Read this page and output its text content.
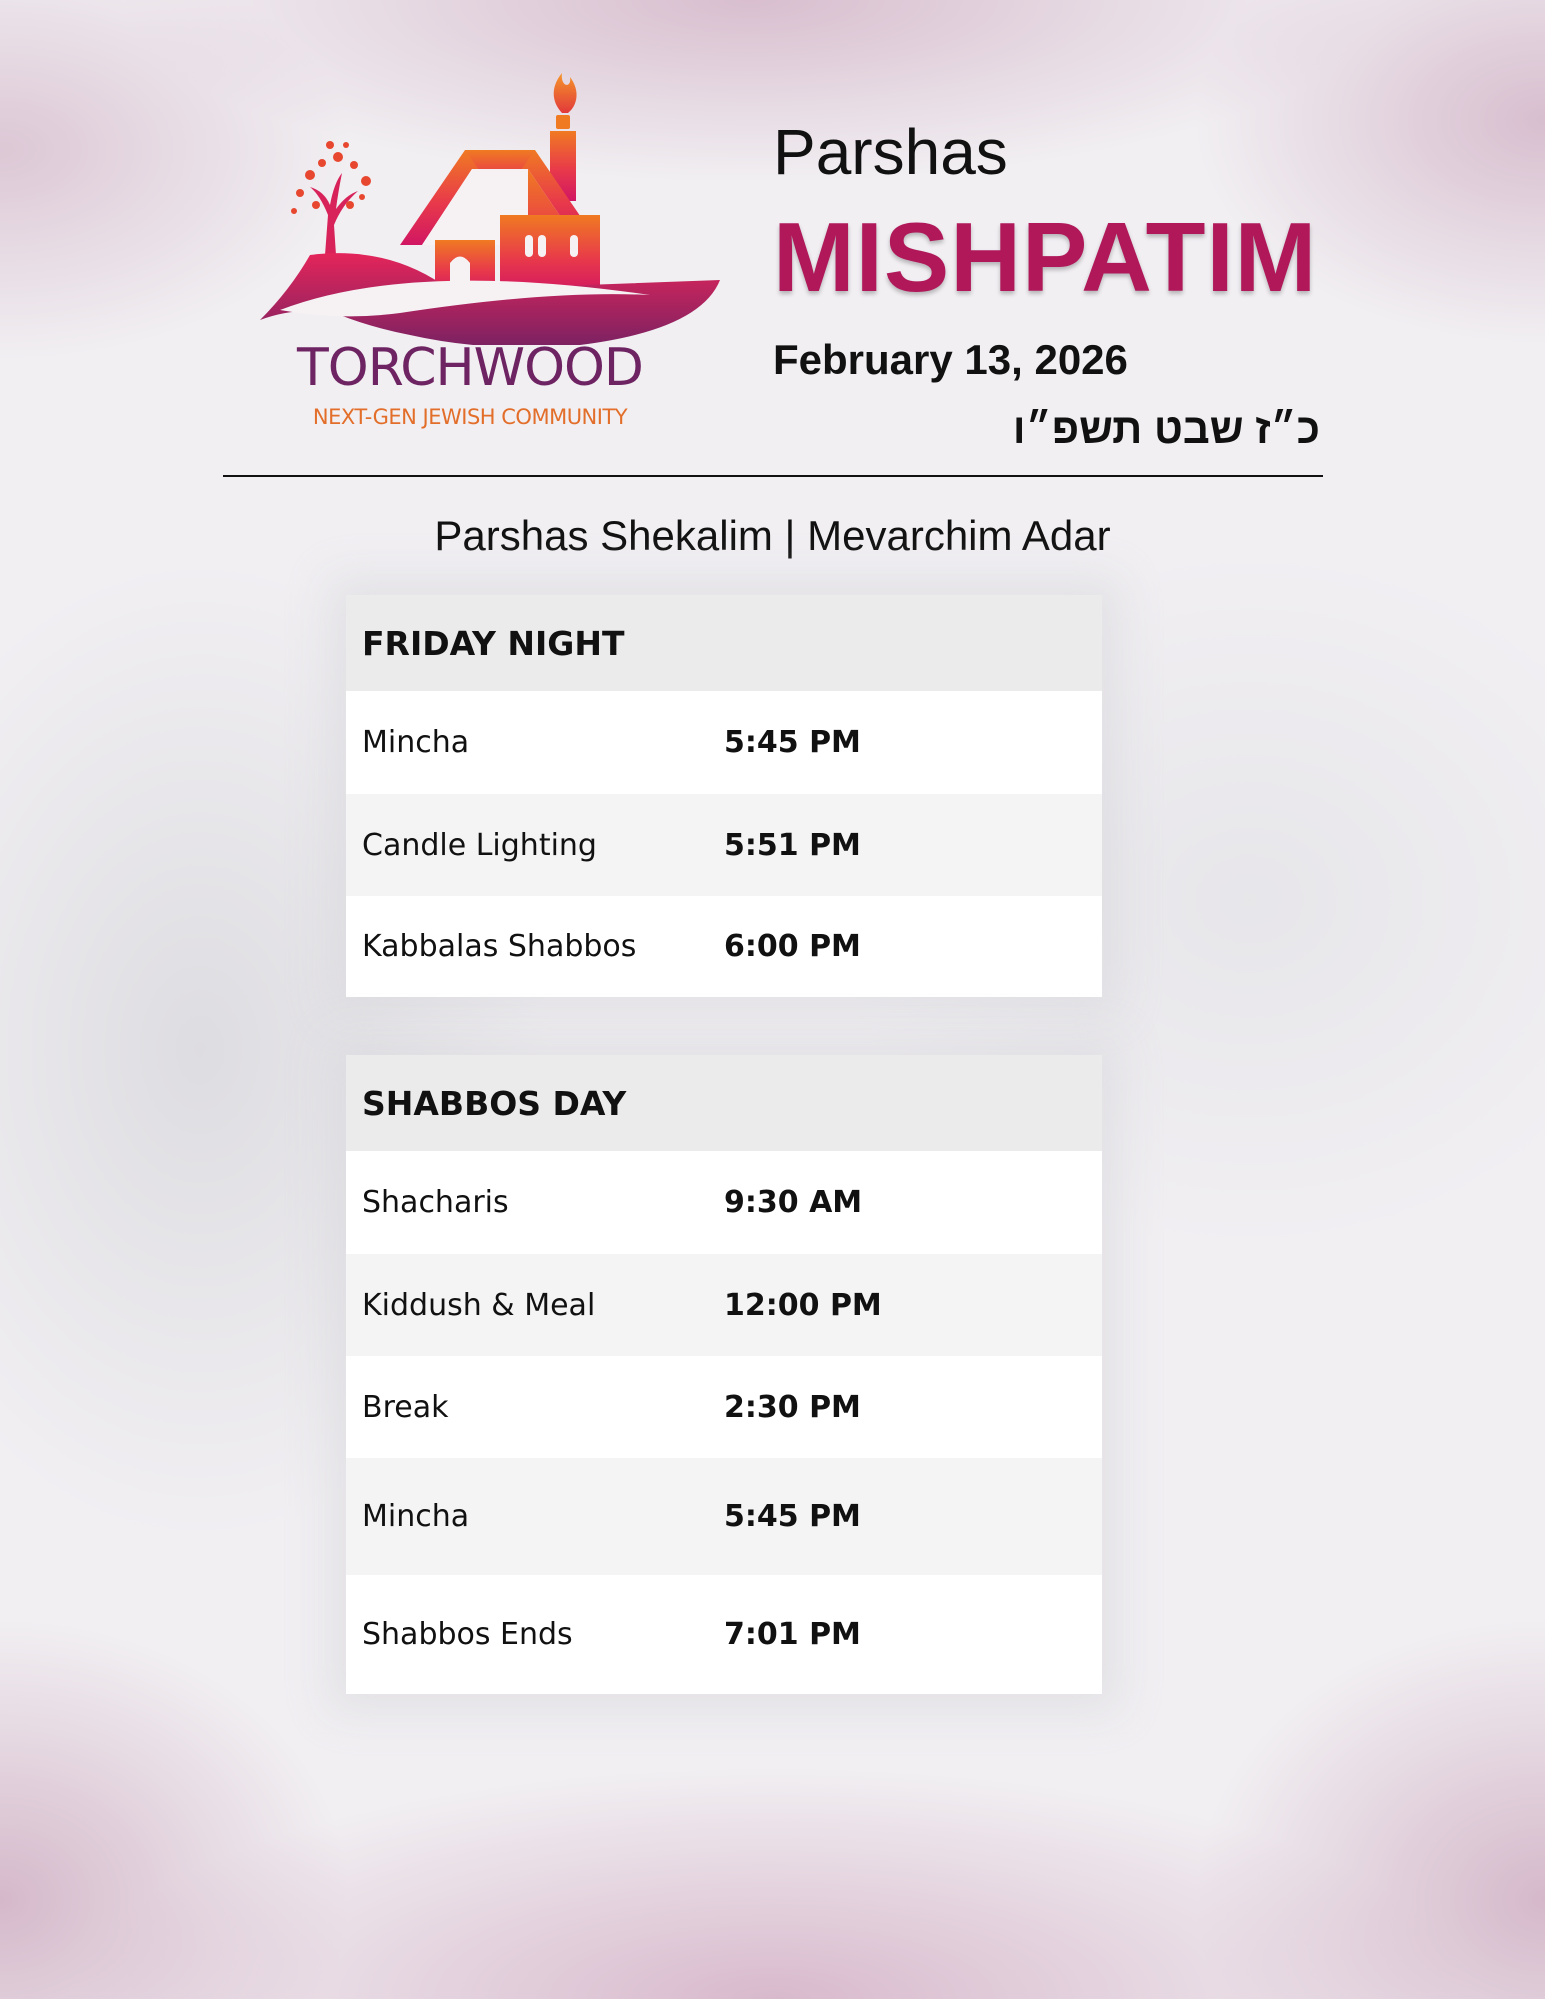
TORCHWOOD
NEXT-GEN JEWISH COMMUNITY
Parshas
MISHPATIM
February 13, 2026
כ״ז שבט תשפ״ו
Parshas Shekalim | Mevarchim Adar
FRIDAY NIGHT
Mincha	5:45 PM
Candle Lighting	5:51 PM
Kabbalas Shabbos	6:00 PM
SHABBOS DAY
Shacharis	9:30 AM
Kiddush & Meal	12:00 PM
Break	2:30 PM
Mincha	5:45 PM
Shabbos Ends	7:01 PM
